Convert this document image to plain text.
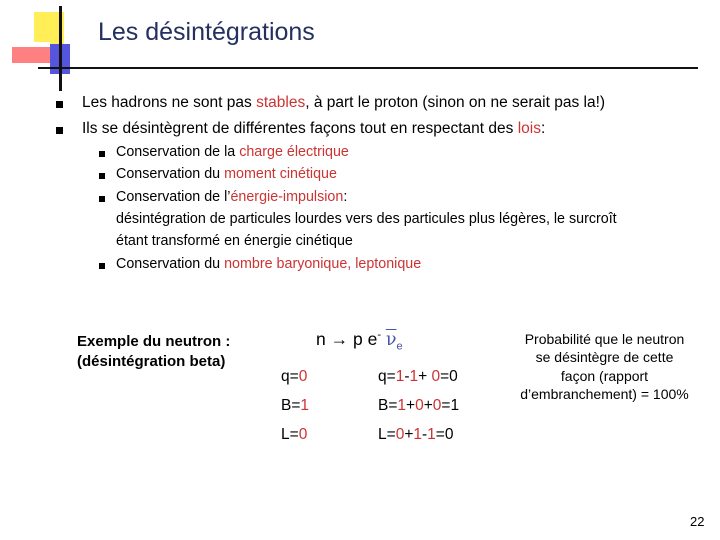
Les désintégrations
Les hadrons ne sont pas stables, à part le proton (sinon on ne serait pas la!)
Ils se désintègrent de différentes façons tout en respectant des lois:
Conservation de la charge électrique
Conservation du moment cinétique
Conservation de l’énergie-impulsion:
désintégration de particules lourdes vers des particules plus légères, le surcroît
étant transformé en énergie cinétique
Conservation du nombre baryonique, leptonique
Exemple du neutron :
(désintégration beta)
n → p e- $\overline{\nu}_e$
q=0
B=1
L=0
q=1-1+ 0=0
B=1+0+0=1
L=0+1-1=0
Probabilité que le neutron se désintègre de cette façon (rapport d’embranchement) = 100%
22
